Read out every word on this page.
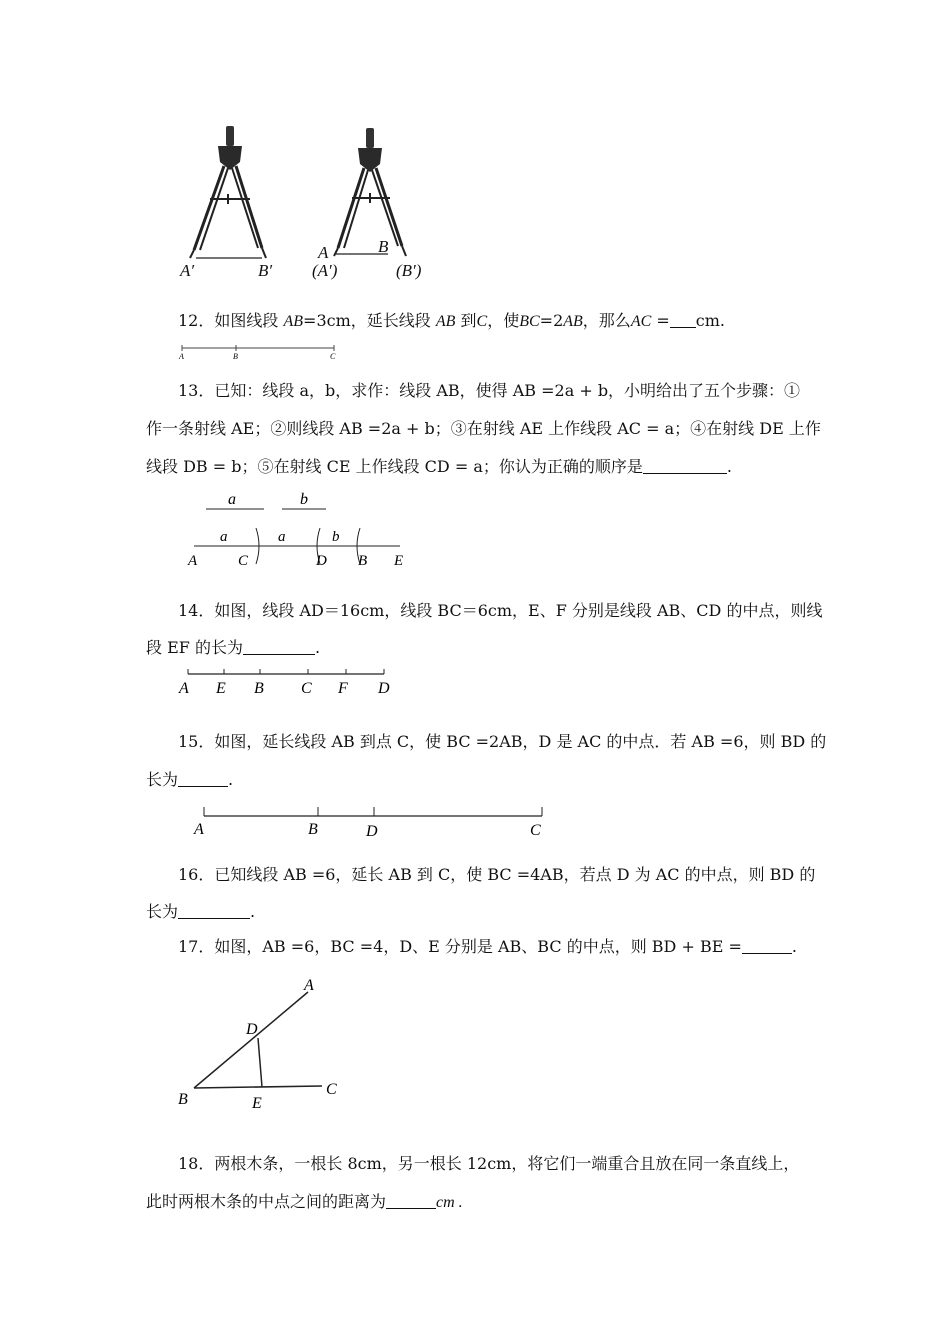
A′	B′
A	B
(A′)	(B′)
12．如图线段 AB=3cm，延长线段 AB 到C，使BC=2AB，那么AC = cm.
A	B	C
13．已知：线段 a，b，求作：线段 AB，使得 AB =2a + b，小明给出了五个步骤：①
作一条射线 AE；②则线段 AB =2a + b；③在射线 AE 上作线段 AC = a；④在射线 DE 上作
线段 DB = b；⑤在射线 CE 上作线段 CD = a；你认为正确的顺序是	.
a	b
a	a	b
A	C	D B E
14．如图，线段 AD＝16cm，线段 BC＝6cm，E、F 分别是线段 AB、CD 的中点，则线
段 EF 的长为	.
A E B C F D
15．如图，延长线段 AB 到点 C，使 BC =2AB，D 是 AC 的中点．若 AB =6，则 BD 的
长为	.
A	B	D	C
16．已知线段 AB =6，延长 AB 到 C，使 BC =4AB，若点 D 为 AC 的中点，则 BD 的
长为	.
17．如图，AB =6，BC =4，D、E 分别是 AB、BC 的中点，则 BD + BE =	.
A
D
B	E
C
18．两根木条，一根长 8cm，另一根长 12cm，将它们一端重合且放在同一条直线上，
此时两根木条的中点之间的距离为	cm .
